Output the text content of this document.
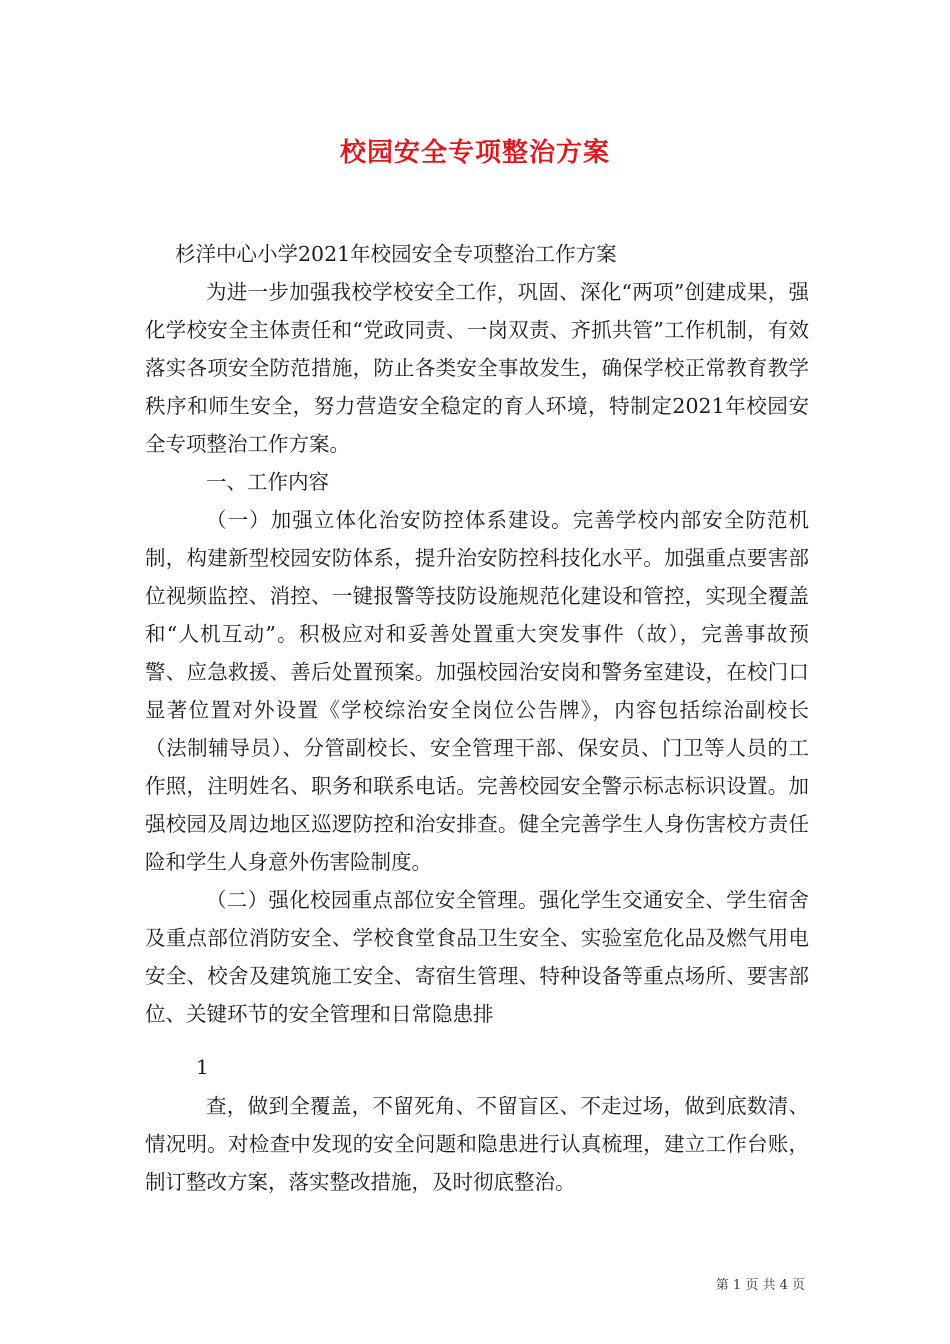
校园安全专项整治方案

杉洋中心小学2021年校园安全专项整治工作方案

为进一步加强我校学校安全工作，巩固、深化“两项”创建成果，强化学校安全主体责任和“党政同责、一岗双责、齐抓共管”工作机制，有效落实各项安全防范措施，防止各类安全事故发生，确保学校正常教育教学秩序和师生安全，努力营造安全稳定的育人环境，特制定2021年校园安全专项整治工作方案。

一、工作内容

（一）加强立体化治安防控体系建设。完善学校内部安全防范机制，构建新型校园安防体系，提升治安防控科技化水平。加强重点要害部位视频监控、消控、一键报警等技防设施规范化建设和管控，实现全覆盖和“人机互动”。积极应对和妥善处置重大突发事件（故），完善事故预警、应急救援、善后处置预案。加强校园治安岗和警务室建设，在校门口显著位置对外设置《学校综治安全岗位公告牌》，内容包括综治副校长（法制辅导员）、分管副校长、安全管理干部、保安员、门卫等人员的工作照，注明姓名、职务和联系电话。完善校园安全警示标志标识设置。加强校园及周边地区巡逻防控和治安排查。健全完善学生人身伤害校方责任险和学生人身意外伤害险制度。

（二）强化校园重点部位安全管理。强化学生交通安全、学生宿舍及重点部位消防安全、学校食堂食品卫生安全、实验室危化品及燃气用电安全、校舍及建筑施工安全、寄宿生管理、特种设备等重点场所、要害部位、关键环节的安全管理和日常隐患排

1

查，做到全覆盖，不留死角、不留盲区、不走过场，做到底数清、情况明。对检查中发现的安全问题和隐患进行认真梳理，建立工作台账，制订整改方案，落实整改措施，及时彻底整治。

第 1 页 共 4 页
